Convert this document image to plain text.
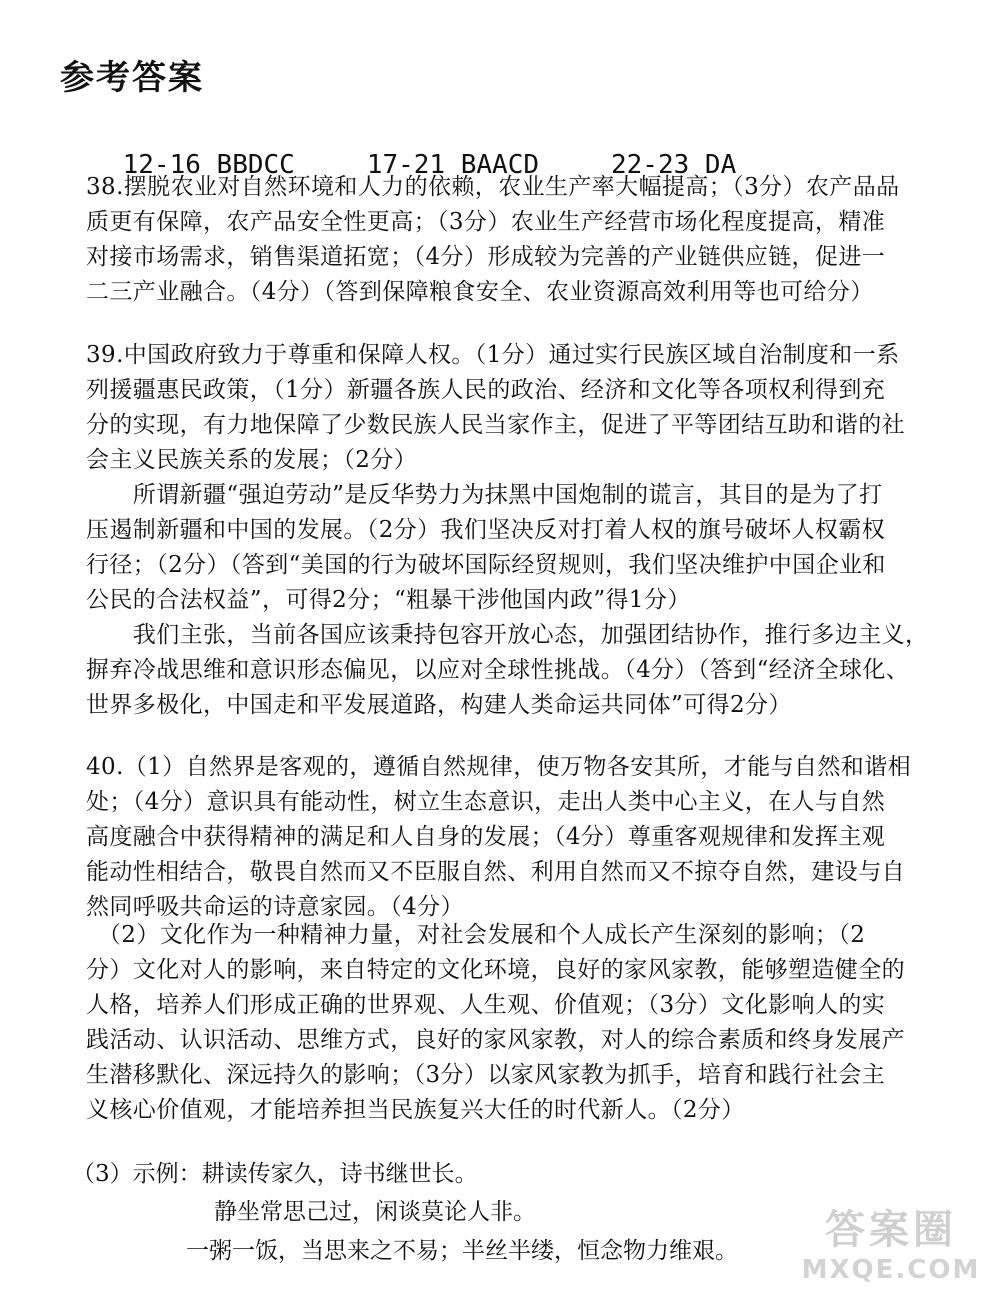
参考答案

12-16 BBDCC	17-21 BAACD	22-23 DA

38.摆脱农业对自然环境和人力的依赖，农业生产率大幅提高；（3分）农产品品
质更有保障，农产品安全性更高；（3分）农业生产经营市场化程度提高，精准
对接市场需求，销售渠道拓宽；（4分）形成较为完善的产业链供应链，促进一
二三产业融合。（4分）（答到保障粮食安全、农业资源高效利用等也可给分）
39.中国政府致力于尊重和保障人权。（1分）通过实行民族区域自治制度和一系
列援疆惠民政策，（1分）新疆各族人民的政治、经济和文化等各项权利得到充
分的实现，有力地保障了少数民族人民当家作主，促进了平等团结互助和谐的社
会主义民族关系的发展；（2分）
　　所谓新疆“强迫劳动”是反华势力为抹黑中国炮制的谎言，其目的是为了打
压遏制新疆和中国的发展。（2分）我们坚决反对打着人权的旗号破坏人权霸权
行径；（2分）（答到“美国的行为破坏国际经贸规则，我们坚决维护中国企业和
公民的合法权益”，可得2分；“粗暴干涉他国内政”得1分）
　　我们主张，当前各国应该秉持包容开放心态，加强团结协作，推行多边主义，
摒弃冷战思维和意识形态偏见，以应对全球性挑战。（4分）（答到“经济全球化、
世界多极化，中国走和平发展道路，构建人类命运共同体”可得2分）
40.（1）自然界是客观的，遵循自然规律，使万物各安其所，才能与自然和谐相
处；（4分）意识具有能动性，树立生态意识，走出人类中心主义，在人与自然
高度融合中获得精神的满足和人自身的发展；（4分）尊重客观规律和发挥主观
能动性相结合，敬畏自然而又不臣服自然、利用自然而又不掠夺自然，建设与自
然同呼吸共命运的诗意家园。（4分）
　（2）文化作为一种精神力量，对社会发展和个人成长产生深刻的影响；（2
分）文化对人的影响，来自特定的文化环境，良好的家风家教，能够塑造健全的
人格，培养人们形成正确的世界观、人生观、价值观；（3分）文化影响人的实
践活动、认识活动、思维方式，良好的家风家教，对人的综合素质和终身发展产
生潜移默化、深远持久的影响；（3分）以家风家教为抓手，培育和践行社会主
义核心价值观，才能培养担当民族复兴大任的时代新人。（2分）
（3）示例：耕读传家久，诗书继世长。
静坐常思己过，闲谈莫论人非。
一粥一饭，当思来之不易；半丝半缕，恒念物力维艰。	答案圈
MXQE.COM
